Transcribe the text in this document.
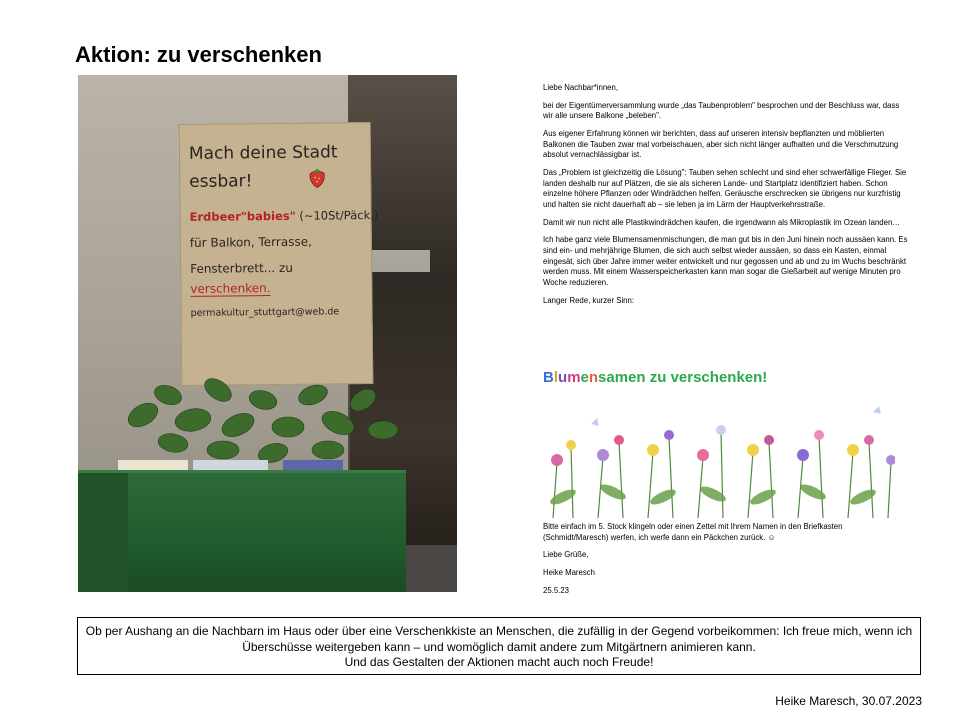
Aktion: zu verschenken
Mach deine Stadt
essbar!
Erdbeer"babies" (~10St/Päck.)
für Balkon, Terrasse,
Fensterbrett... zu
verschenken.
permakultur_stuttgart@web.de

Liebe Nachbar*innen,

bei der Eigentümerversammlung wurde „das Taubenproblem" besprochen und der Beschluss war, dass wir alle unsere Balkone „beleben".

Aus eigener Erfahrung können wir berichten, dass auf unseren intensiv bepflanzten und möblierten Balkonen die Tauben zwar mal vorbeischauen, aber sich nicht länger aufhalten und die Verschmutzung absolut vernachlässigbar ist.

Das „Problem ist gleichzeitig die Lösung": Tauben sehen schlecht und sind eher schwerfällige Flieger. Sie landen deshalb nur auf Plätzen, die sie als sicheren Lande- und Startplatz identifiziert haben. Schon einzelne höhere Pflanzen oder Windrädchen helfen. Geräusche erschrecken sie übrigens nur kurzfristig und halten sie nicht dauerhaft ab – sie leben ja im Lärm der Hauptverkehrsstraße.

Damit wir nun nicht alle Plastikwindrädchen kaufen, die irgendwann als Mikroplastik im Ozean landen…

Ich habe ganz viele Blumensamenmischungen, die man gut bis in den Juni hinein noch aussäen kann. Es sind ein- und mehrjährige Blumen, die sich auch selbst wieder aussäen, so dass ein Kasten, einmal eingesät, sich über Jahre immer weiter entwickelt und nur gegossen und ab und zu im Wuchs beschränkt werden muss. Mit einem Wasserspeicherkasten kann man sogar die Gießarbeit auf wenige Minuten pro Woche reduzieren.

Langer Rede, kurzer Sinn:

Blumensamen zu verschenken!

Bitte einfach im 5. Stock klingeln oder einen Zettel mit Ihrem Namen in den Briefkasten (Schmidt/Maresch) werfen, ich werfe dann ein Päckchen zurück. ☺

Liebe Grüße,

Heike Maresch

25.5.23

Ob per Aushang an die Nachbarn im Haus oder über eine Verschenkkiste an Menschen, die zufällig in der Gegend vorbeikommen: Ich freue mich, wenn ich Überschüsse weitergeben kann – und womöglich damit andere zum Mitgärtnern animieren kann.
Und das Gestalten der Aktionen macht auch noch Freude!
Heike Maresch, 30.07.2023
